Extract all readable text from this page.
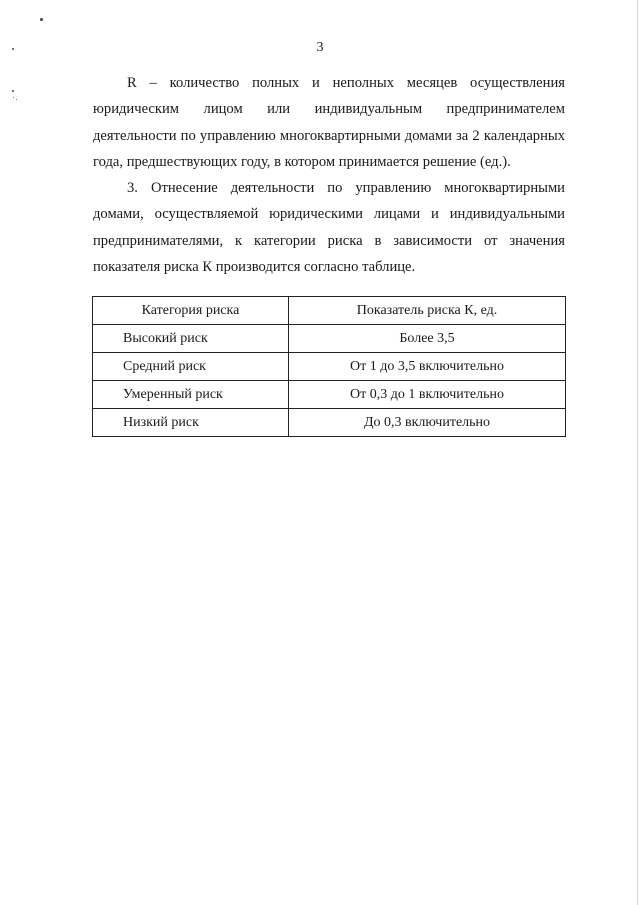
3

R – количество полных и неполных месяцев осуществления юридическим лицом или индивидуальным предпринимателем деятельности по управлению многоквартирными домами за 2 календарных года, предшествующих году, в котором принимается решение (ед.).

3. Отнесение деятельности по управлению многоквартирными домами, осуществляемой юридическими лицами и индивидуальными предпринимателями, к категории риска в зависимости от значения показателя риска К производится согласно таблице.

Категория риска	Показатель риска К, ед.
Высокий риск	Более 3,5
Средний риск	От 1 до 3,5 включительно
Умеренный риск	От 0,3 до 1 включительно
Низкий риск	До 0,3 включительно
